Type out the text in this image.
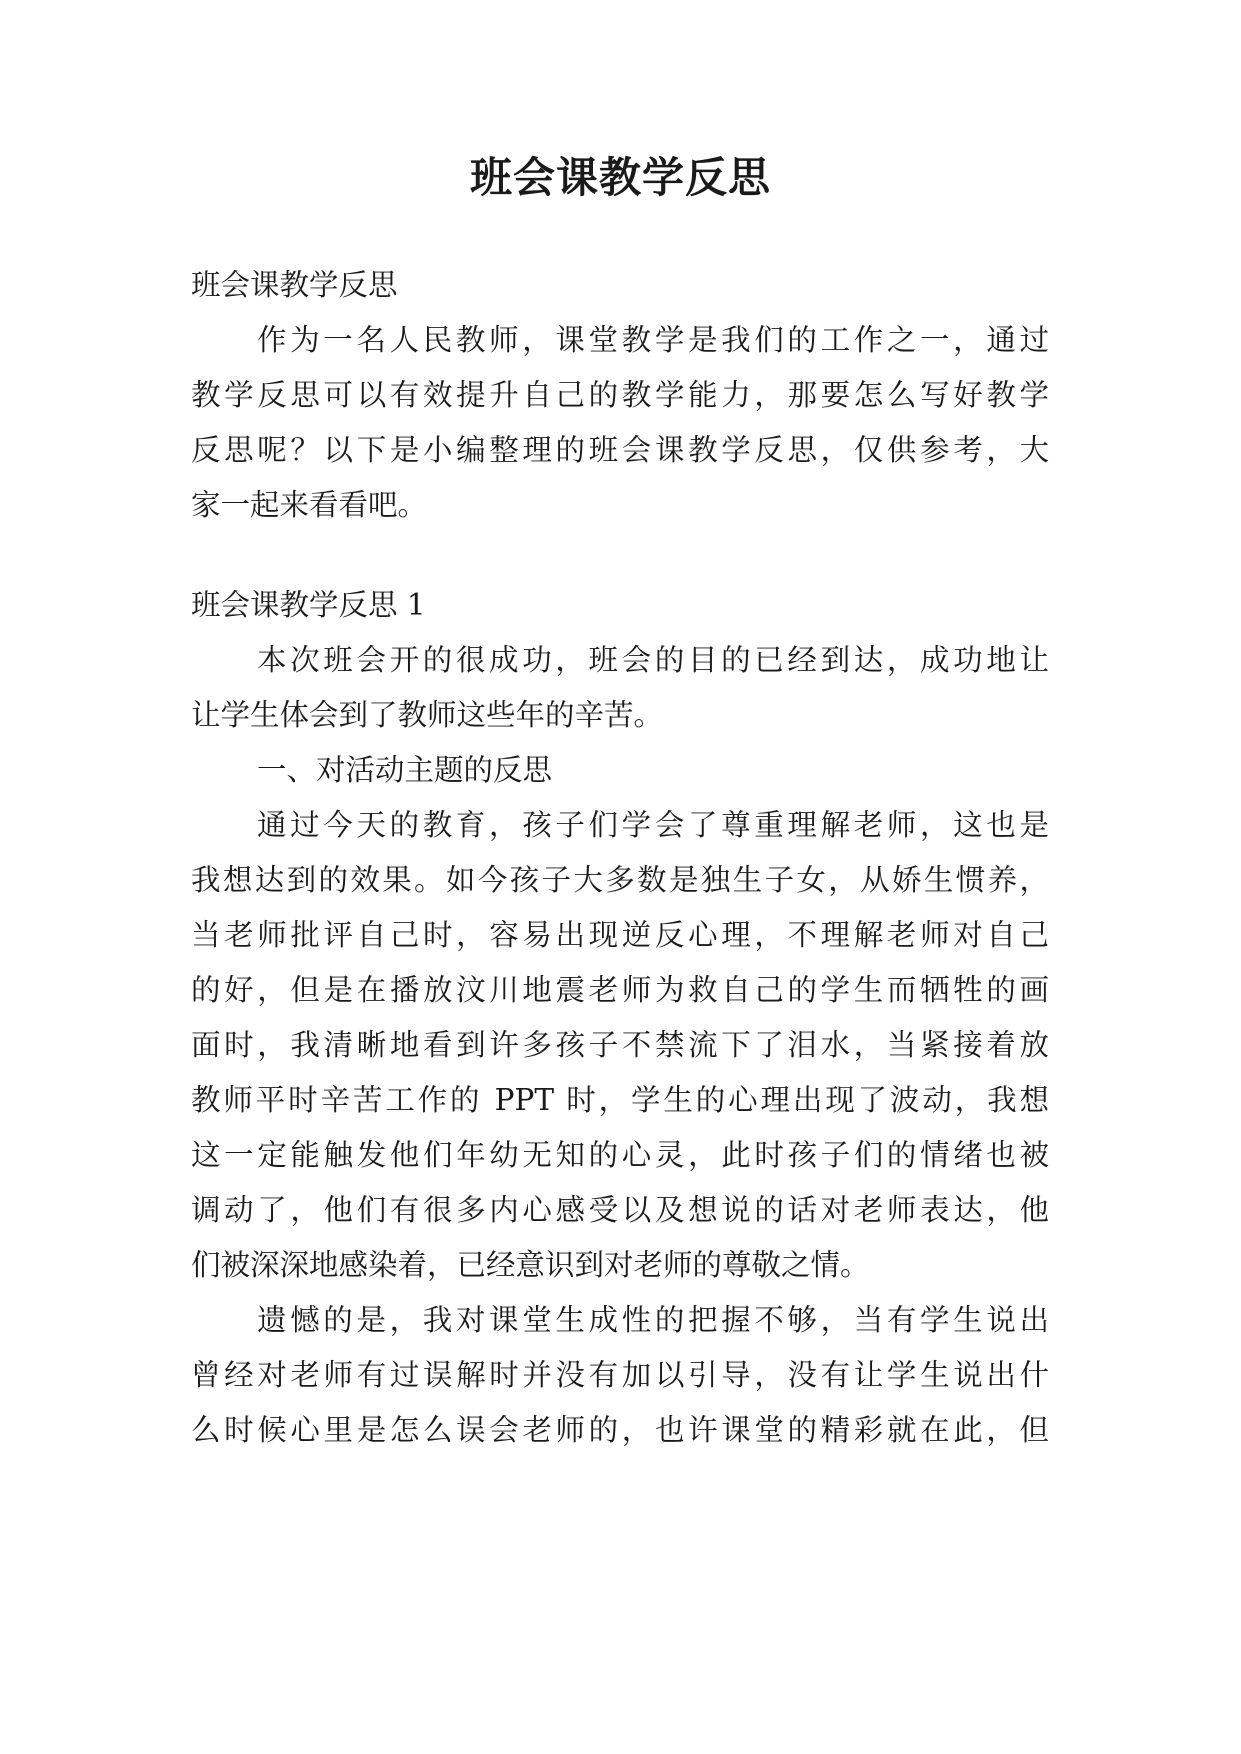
班会课教学反思

班会课教学反思

作为一名人民教师，课堂教学是我们的工作之一，通过

教学反思可以有效提升自己的教学能力，那要怎么写好教学

反思呢？以下是小编整理的班会课教学反思，仅供参考，大

家一起来看看吧。

班会课教学反思 1

本次班会开的很成功，班会的目的已经到达，成功地让

让学生体会到了教师这些年的辛苦。

一、对活动主题的反思

通过今天的教育，孩子们学会了尊重理解老师，这也是

我想达到的效果。如今孩子大多数是独生子女，从娇生惯养，

当老师批评自己时，容易出现逆反心理，不理解老师对自己

的好，但是在播放汶川地震老师为救自己的学生而牺牲的画

面时，我清晰地看到许多孩子不禁流下了泪水，当紧接着放

教师平时辛苦工作的 PPT 时，学生的心理出现了波动，我想

这一定能触发他们年幼无知的心灵，此时孩子们的情绪也被

调动了，他们有很多内心感受以及想说的话对老师表达，他

们被深深地感染着，已经意识到对老师的尊敬之情。

遗憾的是，我对课堂生成性的把握不够，当有学生说出

曾经对老师有过误解时并没有加以引导，没有让学生说出什

么时候心里是怎么误会老师的，也许课堂的精彩就在此，但
